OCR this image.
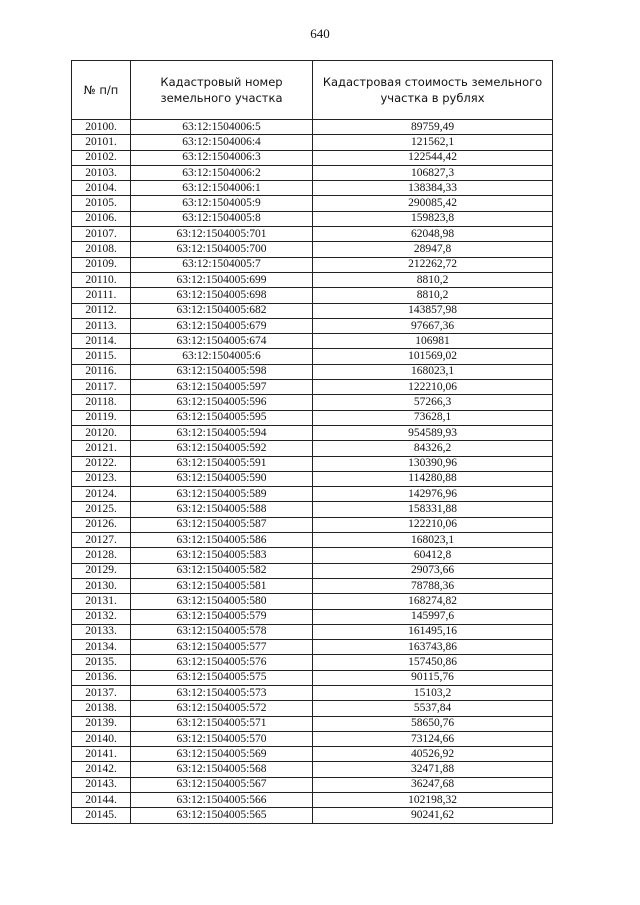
640
№ п/п	Кадастровый номер земельного участка	Кадастровая стоимость земельного участка в рублях
20100.	63:12:1504006:5	89759,49
20101.	63:12:1504006:4	121562,1
20102.	63:12:1504006:3	122544,42
20103.	63:12:1504006:2	106827,3
20104.	63:12:1504006:1	138384,33
20105.	63:12:1504005:9	290085,42
20106.	63:12:1504005:8	159823,8
20107.	63:12:1504005:701	62048,98
20108.	63:12:1504005:700	28947,8
20109.	63:12:1504005:7	212262,72
20110.	63:12:1504005:699	8810,2
20111.	63:12:1504005:698	8810,2
20112.	63:12:1504005:682	143857,98
20113.	63:12:1504005:679	97667,36
20114.	63:12:1504005:674	106981
20115.	63:12:1504005:6	101569,02
20116.	63:12:1504005:598	168023,1
20117.	63:12:1504005:597	122210,06
20118.	63:12:1504005:596	57266,3
20119.	63:12:1504005:595	73628,1
20120.	63:12:1504005:594	954589,93
20121.	63:12:1504005:592	84326,2
20122.	63:12:1504005:591	130390,96
20123.	63:12:1504005:590	114280,88
20124.	63:12:1504005:589	142976,96
20125.	63:12:1504005:588	158331,88
20126.	63:12:1504005:587	122210,06
20127.	63:12:1504005:586	168023,1
20128.	63:12:1504005:583	60412,8
20129.	63:12:1504005:582	29073,66
20130.	63:12:1504005:581	78788,36
20131.	63:12:1504005:580	168274,82
20132.	63:12:1504005:579	145997,6
20133.	63:12:1504005:578	161495,16
20134.	63:12:1504005:577	163743,86
20135.	63:12:1504005:576	157450,86
20136.	63:12:1504005:575	90115,76
20137.	63:12:1504005:573	15103,2
20138.	63:12:1504005:572	5537,84
20139.	63:12:1504005:571	58650,76
20140.	63:12:1504005:570	73124,66
20141.	63:12:1504005:569	40526,92
20142.	63:12:1504005:568	32471,88
20143.	63:12:1504005:567	36247,68
20144.	63:12:1504005:566	102198,32
20145.	63:12:1504005:565	90241,62
